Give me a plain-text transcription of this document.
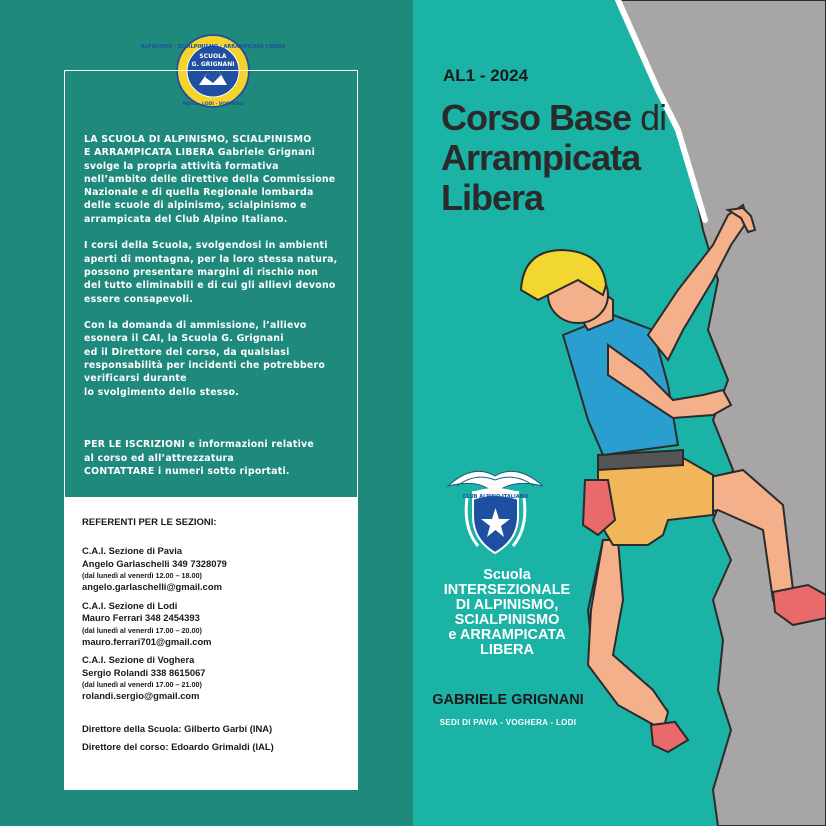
ALPINISMO · SCIALPINISMO · ARRAMPICATA LIBERA
SCUOLA
G. GRIGNANI
PAVIA · LODI · VOGHERA

LA SCUOLA DI ALPINISMO, SCIALPINISMO
E ARRAMPICATA LIBERA Gabriele Grignani
svolge la propria attività formativa
nell’ambito delle direttive della Commissione
Nazionale e di quella Regionale lombarda
delle scuole di alpinismo, scialpinismo e
arrampicata del Club Alpino Italiano.

I corsi della Scuola, svolgendosi in ambienti
aperti di montagna, per la loro stessa natura,
possono presentare margini di rischio non
del tutto eliminabili e di cui gli allievi devono
essere consapevoli.

Con la domanda di ammissione, l’allievo
esonera il CAI, la Scuola G. Grignani
ed il Direttore del corso, da qualsiasi
responsabilità per incidenti che potrebbero
verificarsi durante
lo svolgimento dello stesso.

PER LE ISCRIZIONI e informazioni relative
al corso ed all’attrezzatura
CONTATTARE i numeri sotto riportati.

REFERENTI PER LE SEZIONI:
C.A.I. Sezione di Pavia
Angelo Garlaschelli 349 7328079
(dal lunedì al venerdì 12.00 – 18.00)
angelo.garlaschelli@gmail.com
C.A.I. Sezione di Lodi
Mauro Ferrari 348 2454393
(dal lunedì al venerdì 17.00 – 20.00)
mauro.ferrari701@gmail.com
C.A.I. Sezione di Voghera
Sergio Rolandi 338 8615067
(dal lunedì al venerdì 17.00 – 21.00)
rolandi.sergio@gmail.com
Direttore della Scuola: Gilberto Garbi (INA)
Direttore del corso: Edoardo Grimaldi (IAL)
AL1 - 2024
Corso Base di
Arrampicata
Libera
CLUB ALPINO ITALIANO
Scuola
INTERSEZIONALE
DI ALPINISMO,
SCIALPINISMO
e ARRAMPICATA
LIBERA
GABRIELE GRIGNANI
SEDI DI PAVIA - VOGHERA - LODI
